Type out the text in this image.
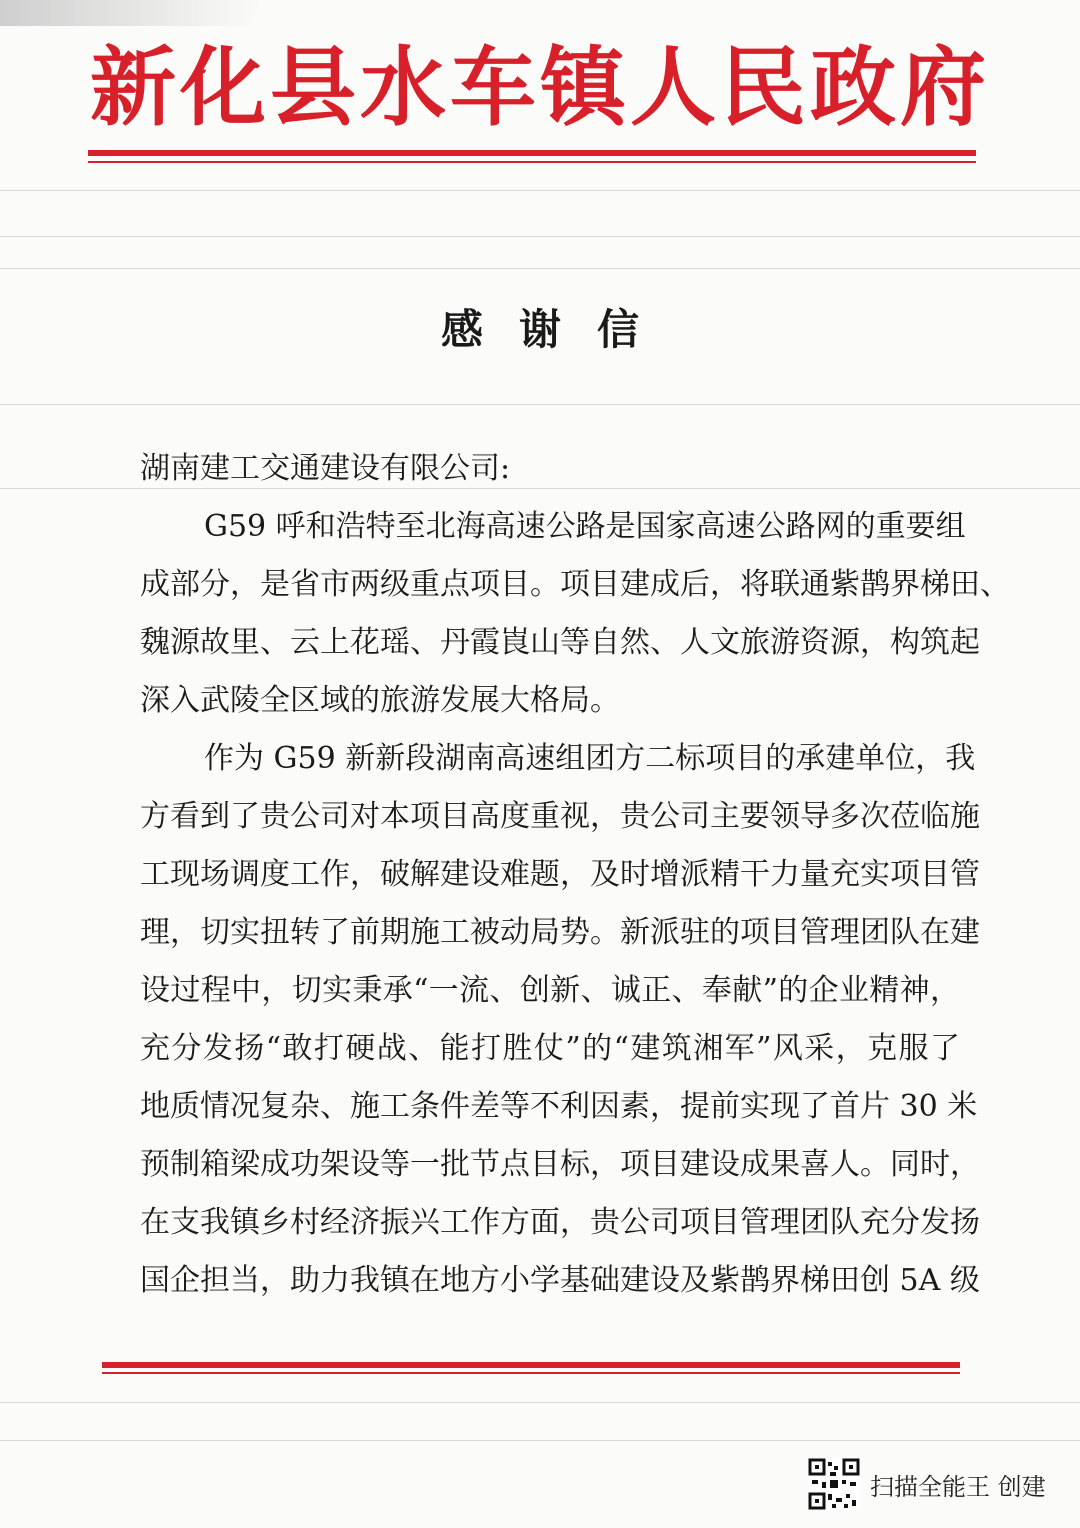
新化县水车镇人民政府
感谢信
湖南建工交通建设有限公司:
G59 呼和浩特至北海高速公路是国家高速公路网的重要组
成部分，是省市两级重点项目。项目建成后，将联通紫鹊界梯田、
魏源故里、云上花瑶、丹霞崀山等自然、人文旅游资源，构筑起
深入武陵全区域的旅游发展大格局。
作为 G59 新新段湖南高速组团方二标项目的承建单位，我
方看到了贵公司对本项目高度重视，贵公司主要领导多次莅临施
工现场调度工作，破解建设难题，及时增派精干力量充实项目管
理，切实扭转了前期施工被动局势。新派驻的项目管理团队在建
设过程中，切实秉承“一流、创新、诚正、奉献”的企业精神，
充分发扬“敢打硬战、能打胜仗”的“建筑湘军”风采，克服了
地质情况复杂、施工条件差等不利因素，提前实现了首片 30 米
预制箱梁成功架设等一批节点目标，项目建设成果喜人。同时，
在支我镇乡村经济振兴工作方面，贵公司项目管理团队充分发扬
国企担当，助力我镇在地方小学基础建设及紫鹊界梯田创 5A 级
扫描全能王 创建
